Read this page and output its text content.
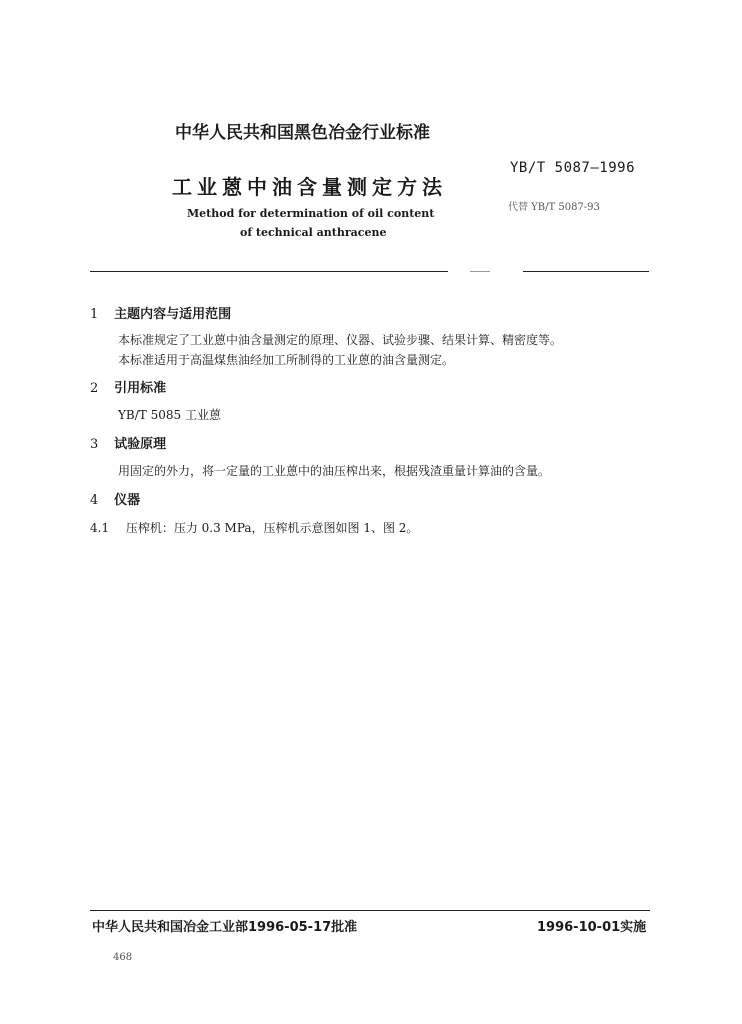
中华人民共和国黑色冶金行业标准
YB/T 5087—1996
工业蒽中油含量测定方法
代替 YB/T 5087-93
Method for determination of oil content
of technical anthracene
1 主题内容与适用范围
本标准规定了工业蒽中油含量测定的原理、仪器、试验步骤、结果计算、精密度等。
本标准适用于高温煤焦油经加工所制得的工业蒽的油含量测定。
2 引用标准
YB/T 5085 工业蒽
3 试验原理
用固定的外力，将一定量的工业蒽中的油压榨出来，根据残渣重量计算油的含量。
4 仪器
4.1 压榨机：压力 0.3 MPa，压榨机示意图如图 1、图 2。
中华人民共和国冶金工业部1996-05-17批准	1996-10-01实施
468
